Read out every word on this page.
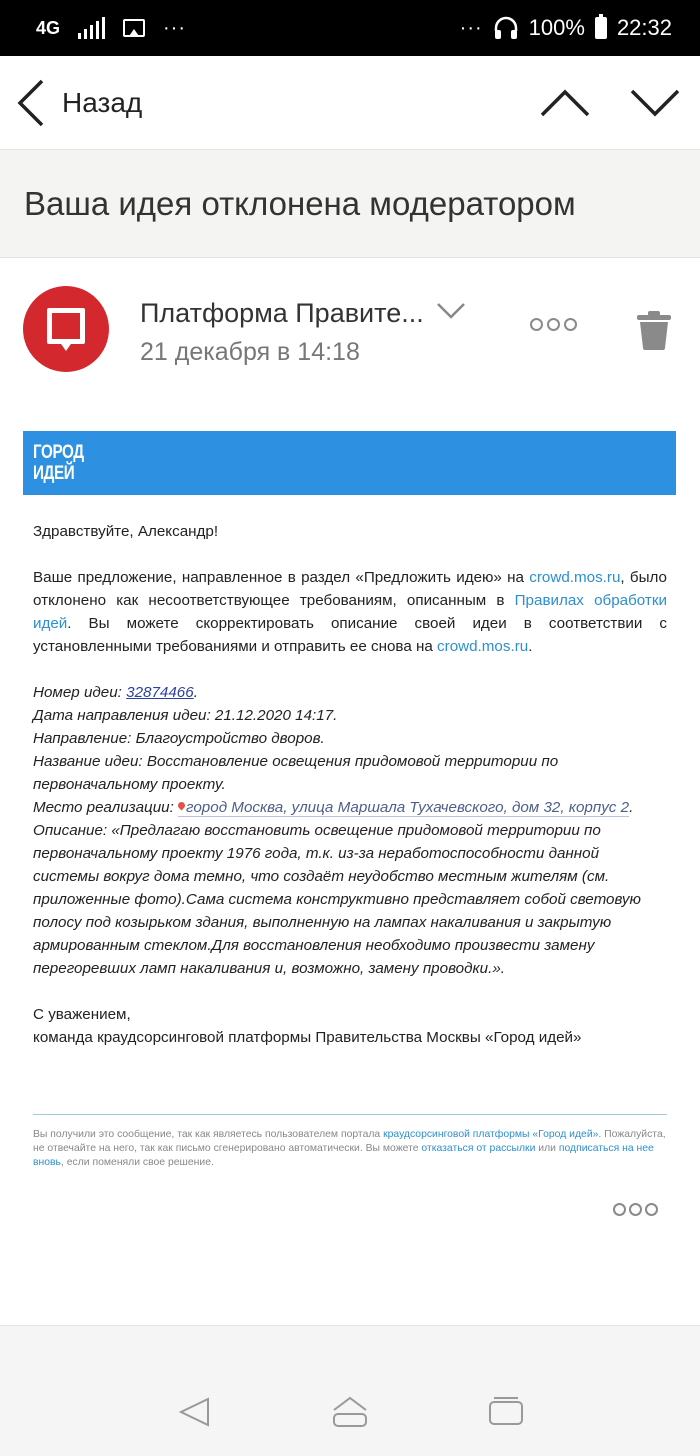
4G	···	··· 100% 22:32
Назад
Ваша идея отклонена модератором
Платформа Правите...
21 декабря в 14:18
ГОРОД
ИДЕЙ

Здравствуйте, Александр!

Ваше предложение, направленное в раздел «Предложить идею» на crowd.mos.ru, было отклонено как несоответствующее требованиям, описанным в Правилах обработки идей. Вы можете скорректировать описание своей идеи в соответствии с установленными требованиями и отправить ее снова на crowd.mos.ru.

Номер идеи: 32874466.
Дата направления идеи: 21.12.2020 14:17.
Направление: Благоустройство дворов.
Название идеи: Восстановление освещения придомовой территории по первоначальному проекту.
Место реализации: город Москва, улица Маршала Тухачевского, дом 32, корпус 2.
Описание: «Предлагаю восстановить освещение придомовой территории по первоначальному проекту 1976 года, т.к. из-за неработоспособности данной системы вокруг дома темно, что создаёт неудобство местным жителям (см. приложенные фото).Сама система конструктивно представляет собой световую полосу под козырьком здания, выполненную на лампах накаливания и закрытую армированным стеклом.Для восстановления необходимо произвести замену перегоревших ламп накаливания и, возможно, замену проводки.».

С уважением,
команда краудсорсинговой платформы Правительства Москвы «Город идей»

Вы получили это сообщение, так как являетесь пользователем портала краудсорсинговой платформы «Город идей». Пожалуйста, не отвечайте на него, так как письмо сгенерировано автоматически. Вы можете отказаться от рассылки или подписаться на нее вновь, если поменяли свое решение.
